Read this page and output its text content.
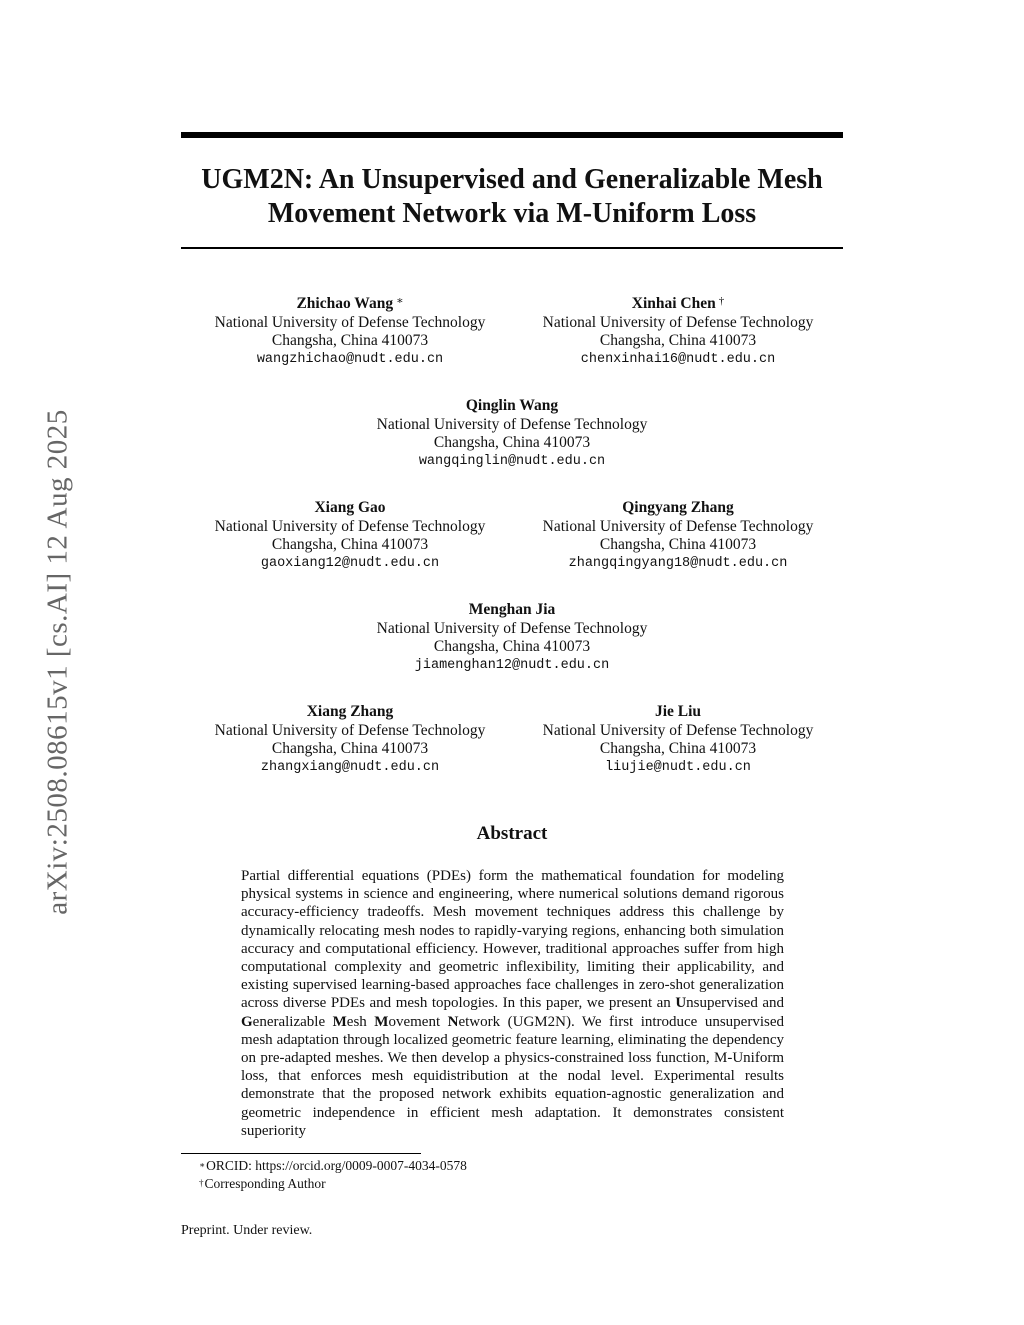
arXiv:2508.08615v1 [cs.AI] 12 Aug 2025
UGM2N: An Unsupervised and Generalizable Mesh
Movement Network via M-Uniform Loss
Zhichao Wang ∗
National University of Defense Technology
Changsha, China 410073
wangzhichao@nudt.edu.cn
Xinhai Chen †
National University of Defense Technology
Changsha, China 410073
chenxinhai16@nudt.edu.cn
Qinglin Wang
National University of Defense Technology
Changsha, China 410073
wangqinglin@nudt.edu.cn
Xiang Gao
National University of Defense Technology
Changsha, China 410073
gaoxiang12@nudt.edu.cn
Qingyang Zhang
National University of Defense Technology
Changsha, China 410073
zhangqingyang18@nudt.edu.cn
Menghan Jia
National University of Defense Technology
Changsha, China 410073
jiamenghan12@nudt.edu.cn
Xiang Zhang
National University of Defense Technology
Changsha, China 410073
zhangxiang@nudt.edu.cn
Jie Liu
National University of Defense Technology
Changsha, China 410073
liujie@nudt.edu.cn
Abstract
Partial differential equations (PDEs) form the mathematical foundation for modeling physical systems in science and engineering, where numerical solutions demand rigorous accuracy-efficiency tradeoffs. Mesh movement techniques address this challenge by dynamically relocating mesh nodes to rapidly-varying regions, enhancing both simulation accuracy and computational efficiency. However, traditional approaches suffer from high computational complexity and geometric inflexibility, limiting their applicability, and existing supervised learning-based approaches face challenges in zero-shot generalization across diverse PDEs and mesh topologies. In this paper, we present an Unsupervised and Generalizable Mesh Movement Network (UGM2N). We first introduce unsupervised mesh adaptation through localized geometric feature learning, eliminating the dependency on pre-adapted meshes. We then develop a physics-constrained loss function, M-Uniform loss, that enforces mesh equidistribution at the nodal level. Experimental results demonstrate that the proposed network exhibits equation-agnostic generalization and geometric independence in efficient mesh adaptation. It demonstrates consistent superiority
∗ORCID: https://orcid.org/0009-0007-4034-0578
†Corresponding Author
Preprint. Under review.
